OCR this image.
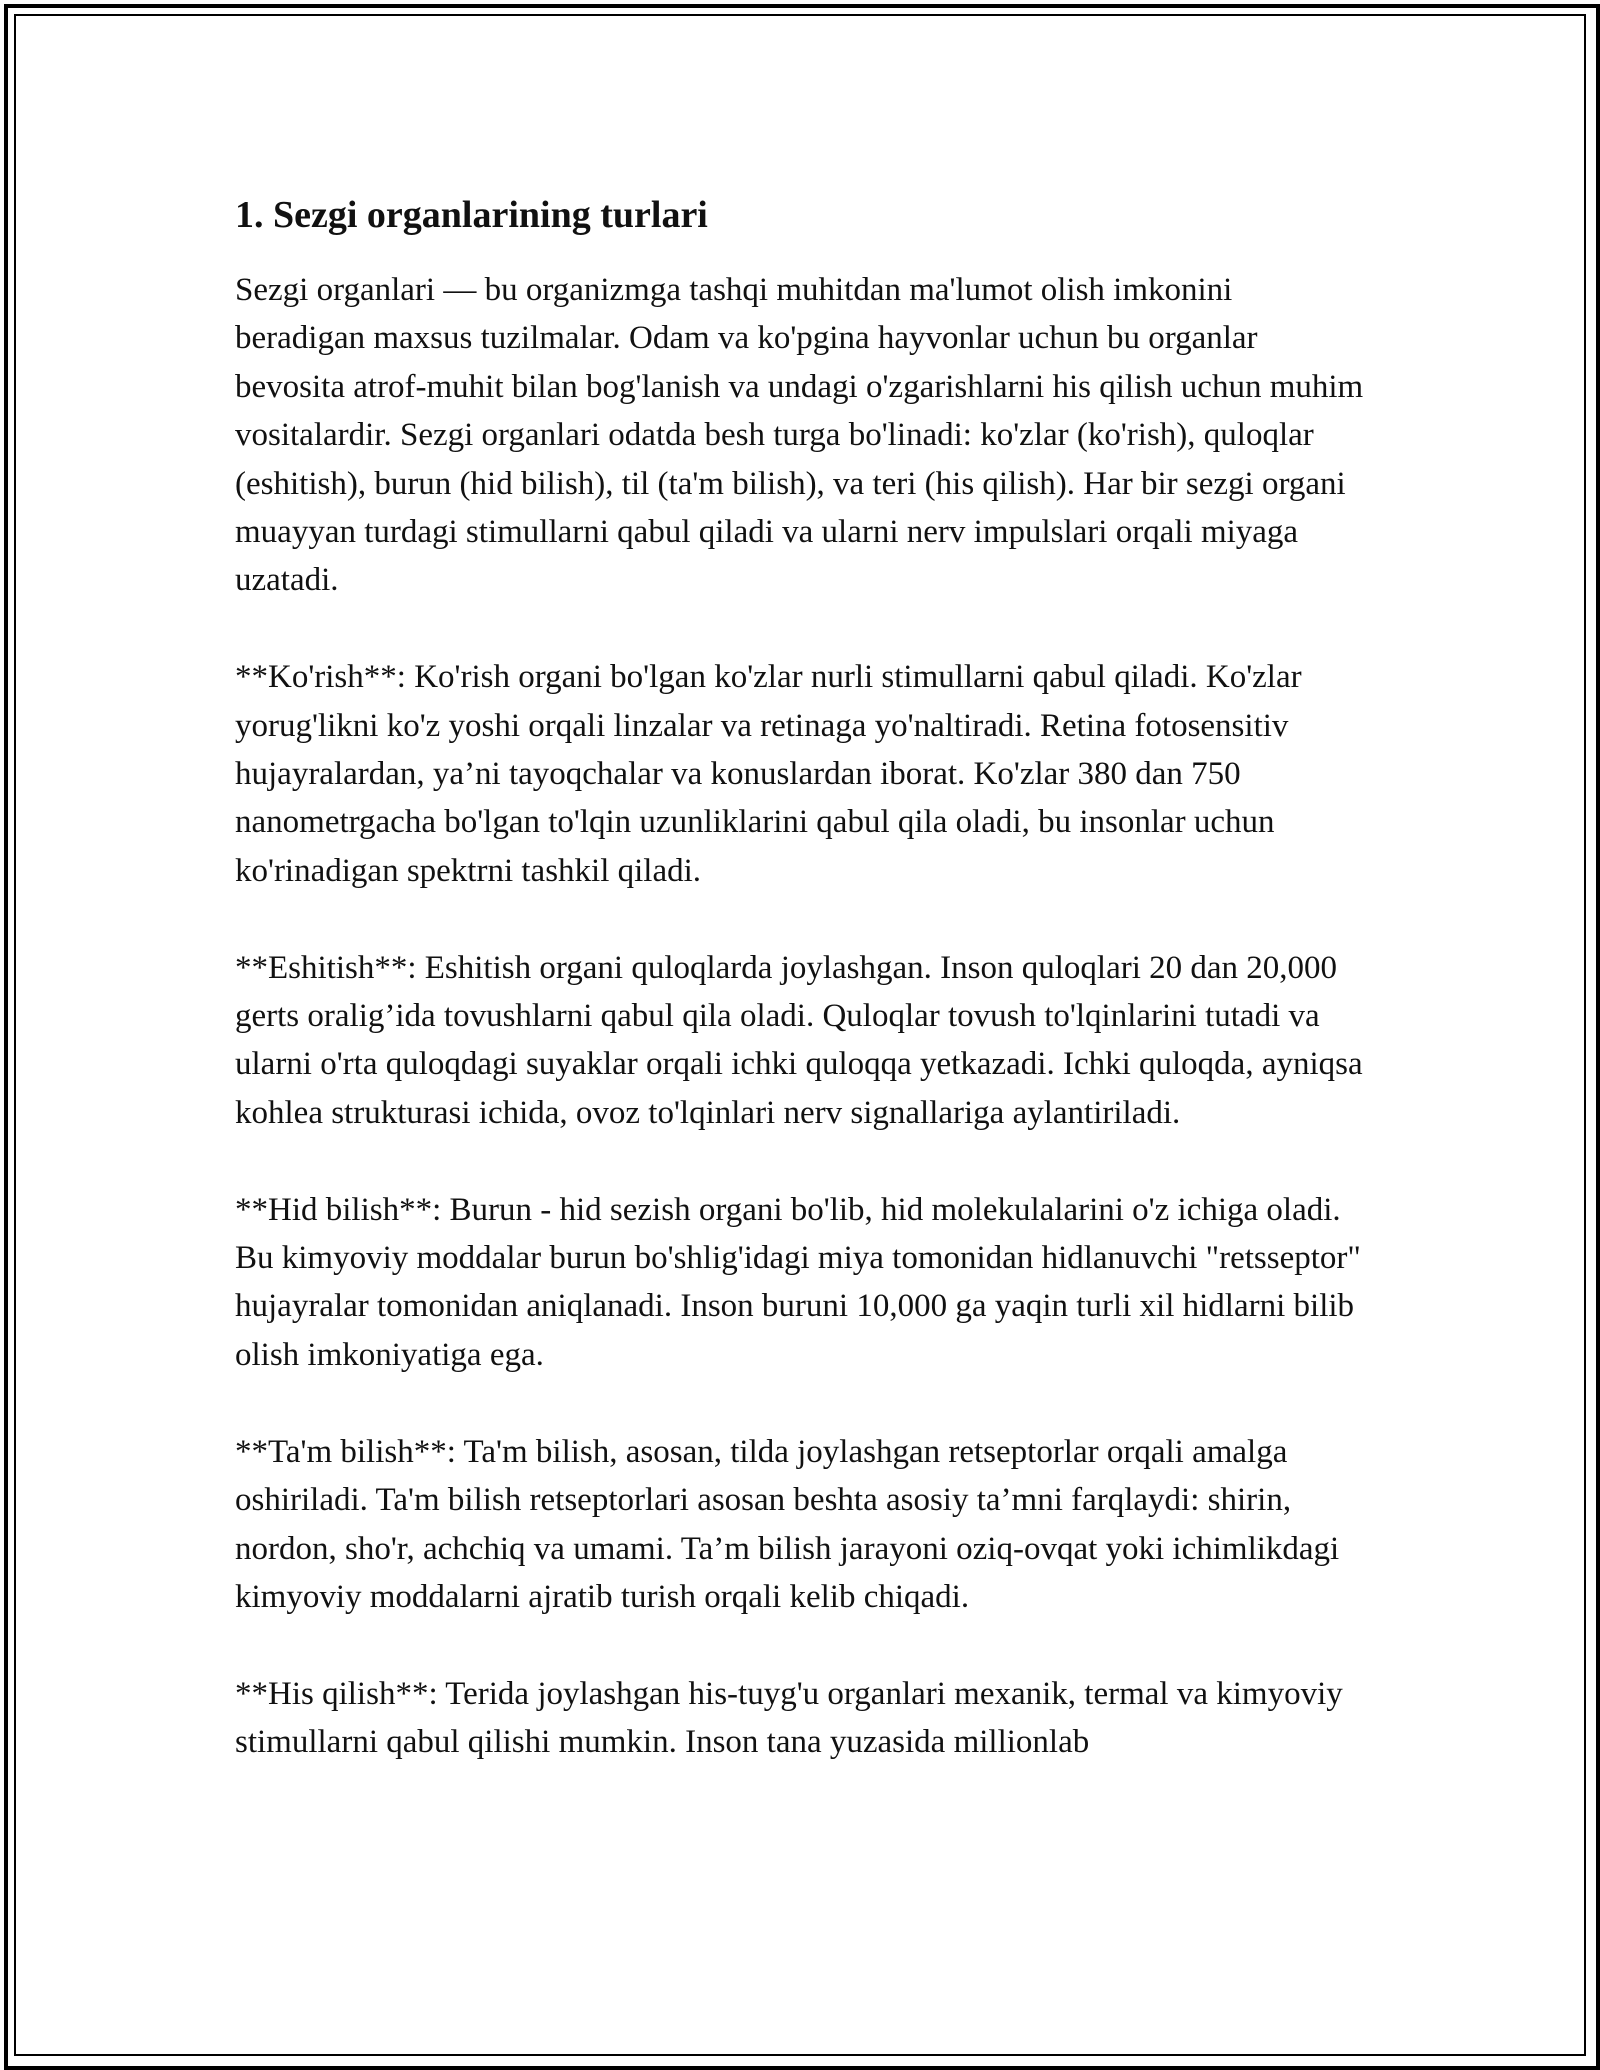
1. Sezgi organlarining turlari

Sezgi organlari — bu organizmga tashqi muhitdan ma'lumot olish imkonini beradigan maxsus tuzilmalar. Odam va ko'pgina hayvonlar uchun bu organlar bevosita atrof-muhit bilan bog'lanish va undagi o'zgarishlarni his qilish uchun muhim vositalardir. Sezgi organlari odatda besh turga bo'linadi: ko'zlar (ko'rish), quloqlar (eshitish), burun (hid bilish), til (ta'm bilish), va teri (his qilish). Har bir sezgi organi muayyan turdagi stimullarni qabul qiladi va ularni nerv impulslari orqali miyaga uzatadi.

**Ko'rish**: Ko'rish organi bo'lgan ko'zlar nurli stimullarni qabul qiladi. Ko'zlar yorug'likni ko'z yoshi orqali linzalar va retinaga yo'naltiradi. Retina fotosensitiv hujayralardan, ya’ni tayoqchalar va konuslardan iborat. Ko'zlar 380 dan 750 nanometrgacha bo'lgan to'lqin uzunliklarini qabul qila oladi, bu insonlar uchun ko'rinadigan spektrni tashkil qiladi.

**Eshitish**: Eshitish organi quloqlarda joylashgan. Inson quloqlari 20 dan 20,000 gerts oralig’ida tovushlarni qabul qila oladi. Quloqlar tovush to'lqinlarini tutadi va ularni o'rta quloqdagi suyaklar orqali ichki quloqqa yetkazadi. Ichki quloqda, ayniqsa kohlea strukturasi ichida, ovoz to'lqinlari nerv signallariga aylantiriladi.

**Hid bilish**: Burun - hid sezish organi bo'lib, hid molekulalarini o'z ichiga oladi. Bu kimyoviy moddalar burun bo'shlig'idagi miya tomonidan hidlanuvchi "retsseptor" hujayralar tomonidan aniqlanadi. Inson buruni 10,000 ga yaqin turli xil hidlarni bilib olish imkoniyatiga ega.

**Ta'm bilish**: Ta'm bilish, asosan, tilda joylashgan retseptorlar orqali amalga oshiriladi. Ta'm bilish retseptorlari asosan beshta asosiy ta’mni farqlaydi: shirin, nordon, sho'r, achchiq va umami. Ta’m bilish jarayoni oziq-ovqat yoki ichimlikdagi kimyoviy moddalarni ajratib turish orqali kelib chiqadi.

**His qilish**: Terida joylashgan his-tuyg'u organlari mexanik, termal va kimyoviy stimullarni qabul qilishi mumkin. Inson tana yuzasida millionlab
